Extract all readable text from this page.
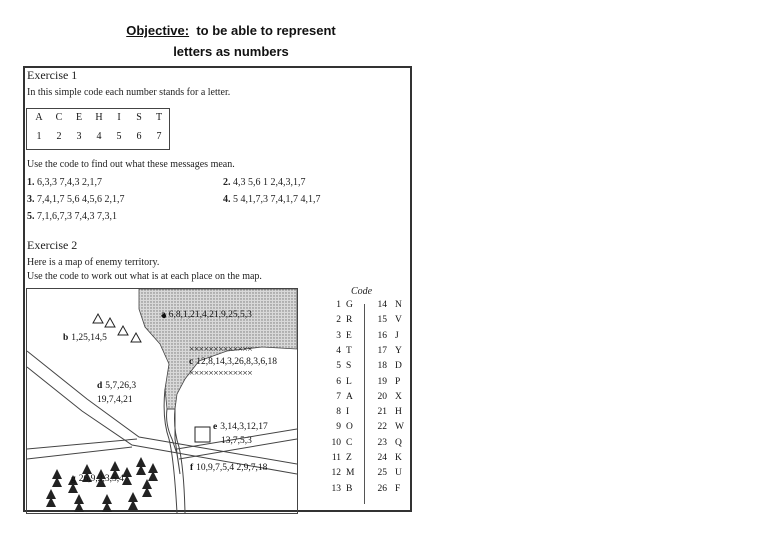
Objective: to be able to represent
letters as numbers
Exercise 1
In this simple code each number stands for a letter.
A C E H	I	S	T
1	2	3	4	5	6	7
Use the code to find out what these messages mean.
1. 6,3,3 7,4,3 2,1,7	2. 4,3 5,6 1 2,4,3,1,7
3. 7,4,1,7 5,6 4,5,6 2,1,7	4. 5 4,1,7,3 7,4,1,7 4,1,7
5. 7,1,6,7,3 7,4,3 7,3,1
Exercise 2
Here is a map of enemy territory.
Use the code to work out what is at each place on the map.
a 6,8,1,21,4,21,9,25,5,3
b 1,25,14,5
×××××××××××××
×××××××××××××
c 12,8,14,3,26,8,3,6,18
d 5,7,26,3
19,7,4,21
e 3,14,3,12,17
13,7,5,3
f 10,9,7,5,4 2,9,7,18
g 26,9,2,3,5,4
Code
1 G	14 N
2 R	15 V
3 E	16 J
4 T	17 Y
5 S	18 D
6 L	19 P
7 A	20 X
8 I	21 H
9 O	22 W
10 C	23 Q
11 Z	24 K
12 M	25 U
13 B	26 F
